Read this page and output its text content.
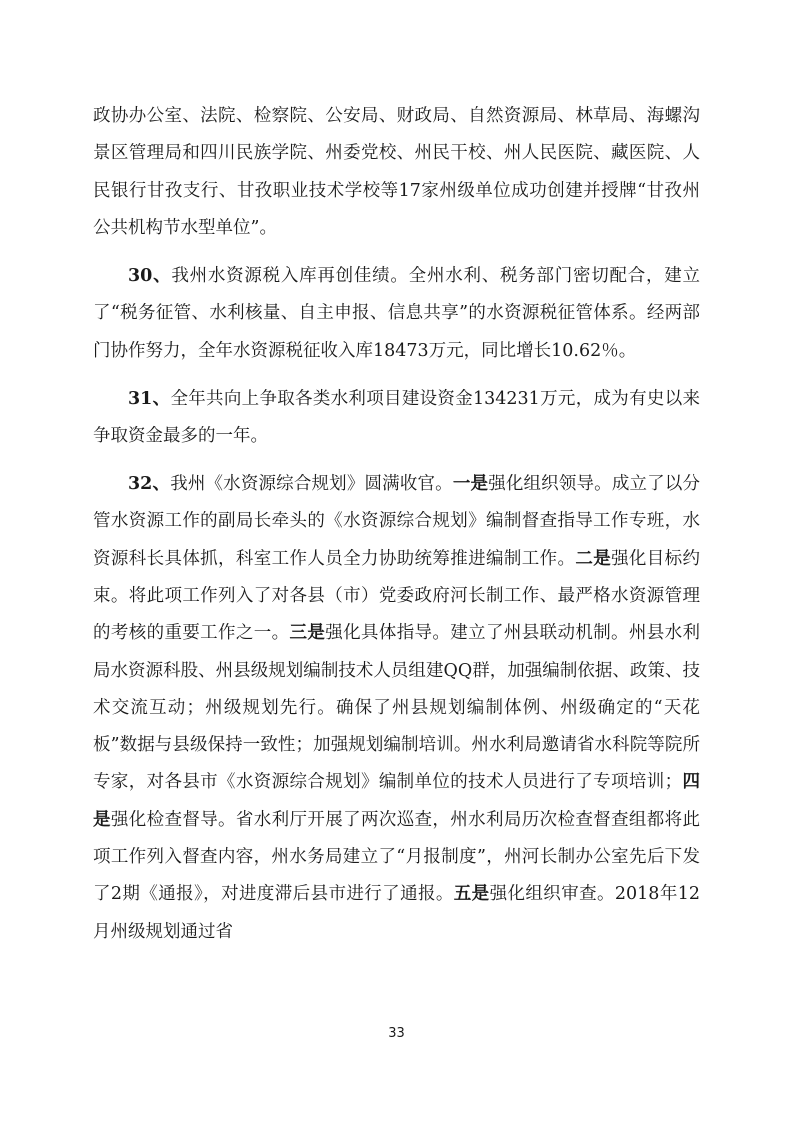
政协办公室、法院、检察院、公安局、财政局、自然资源局、林草局、海螺沟景区管理局和四川民族学院、州委党校、州民干校、州人民医院、藏医院、人民银行甘孜支行、甘孜职业技术学校等17家州级单位成功创建并授牌“甘孜州公共机构节水型单位”。

30、我州水资源税入库再创佳绩。全州水利、税务部门密切配合，建立了“税务征管、水利核量、自主申报、信息共享”的水资源税征管体系。经两部门协作努力，全年水资源税征收入库18473万元，同比增长10.62％。

31、全年共向上争取各类水利项目建设资金134231万元，成为有史以来争取资金最多的一年。

32、我州《水资源综合规划》圆满收官。一是强化组织领导。成立了以分管水资源工作的副局长牵头的《水资源综合规划》编制督查指导工作专班，水资源科长具体抓，科室工作人员全力协助统筹推进编制工作。二是强化目标约束。将此项工作列入了对各县（市）党委政府河长制工作、最严格水资源管理的考核的重要工作之一。三是强化具体指导。建立了州县联动机制。州县水利局水资源科股、州县级规划编制技术人员组建QQ群，加强编制依据、政策、技术交流互动；州级规划先行。确保了州县规划编制体例、州级确定的“天花板”数据与县级保持一致性；加强规划编制培训。州水利局邀请省水科院等院所专家，对各县市《水资源综合规划》编制单位的技术人员进行了专项培训；四是强化检查督导。省水利厅开展了两次巡查，州水利局历次检查督查组都将此项工作列入督查内容，州水务局建立了“月报制度”，州河长制办公室先后下发了2期《通报》，对进度滞后县市进行了通报。五是强化组织审查。2018年12月州级规划通过省

33
